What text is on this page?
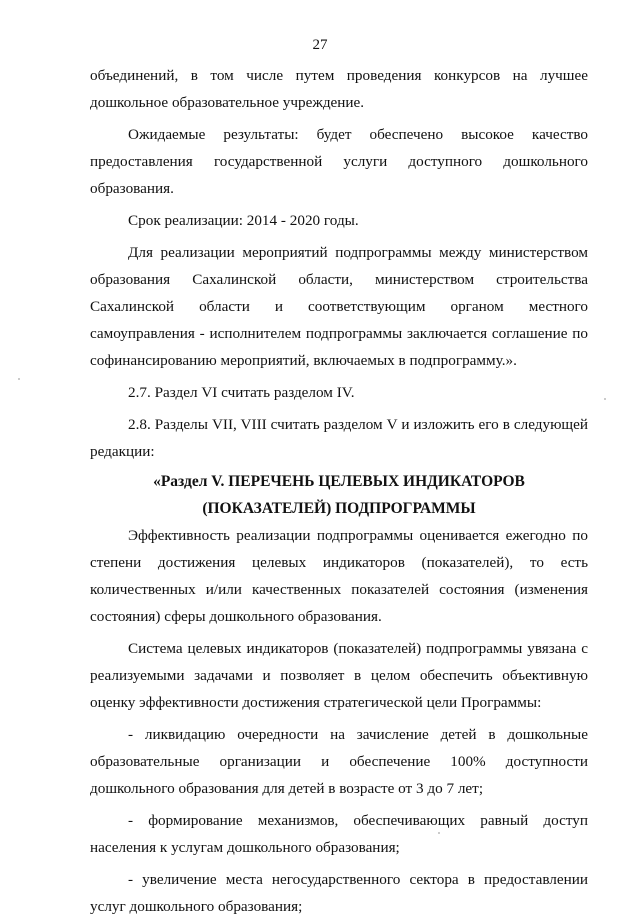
27

объединений, в том числе путем проведения конкурсов на лучшее дошкольное образовательное учреждение.

Ожидаемые результаты: будет обеспечено высокое качество предоставления государственной услуги доступного дошкольного образования.

Срок реализации: 2014 - 2020 годы.

Для реализации мероприятий подпрограммы между министерством образования Сахалинской области, министерством строительства Сахалинской области и соответствующим органом местного самоуправления - исполнителем подпрограммы заключается соглашение по софинансированию мероприятий, включаемых в подпрограмму.».

2.7. Раздел VI считать разделом IV.

2.8. Разделы VII, VIII считать разделом V и изложить его в следующей редакции:

«Раздел V. ПЕРЕЧЕНЬ ЦЕЛЕВЫХ ИНДИКАТОРОВ
(ПОКАЗАТЕЛЕЙ) ПОДПРОГРАММЫ

Эффективность реализации подпрограммы оценивается ежегодно по степени достижения целевых индикаторов (показателей), то есть количественных и/или качественных показателей состояния (изменения состояния) сферы дошкольного образования.

Система целевых индикаторов (показателей) подпрограммы увязана с реализуемыми задачами и позволяет в целом обеспечить объективную оценку эффективности достижения стратегической цели Программы:

- ликвидацию очередности на зачисление детей в дошкольные образовательные организации и обеспечение 100% доступности дошкольного образования для детей в возрасте от 3 до 7 лет;

- формирование механизмов, обеспечивающих равный доступ населения к услугам дошкольного образования;

- увеличение места негосударственного сектора в предоставлении услуг дошкольного образования;
